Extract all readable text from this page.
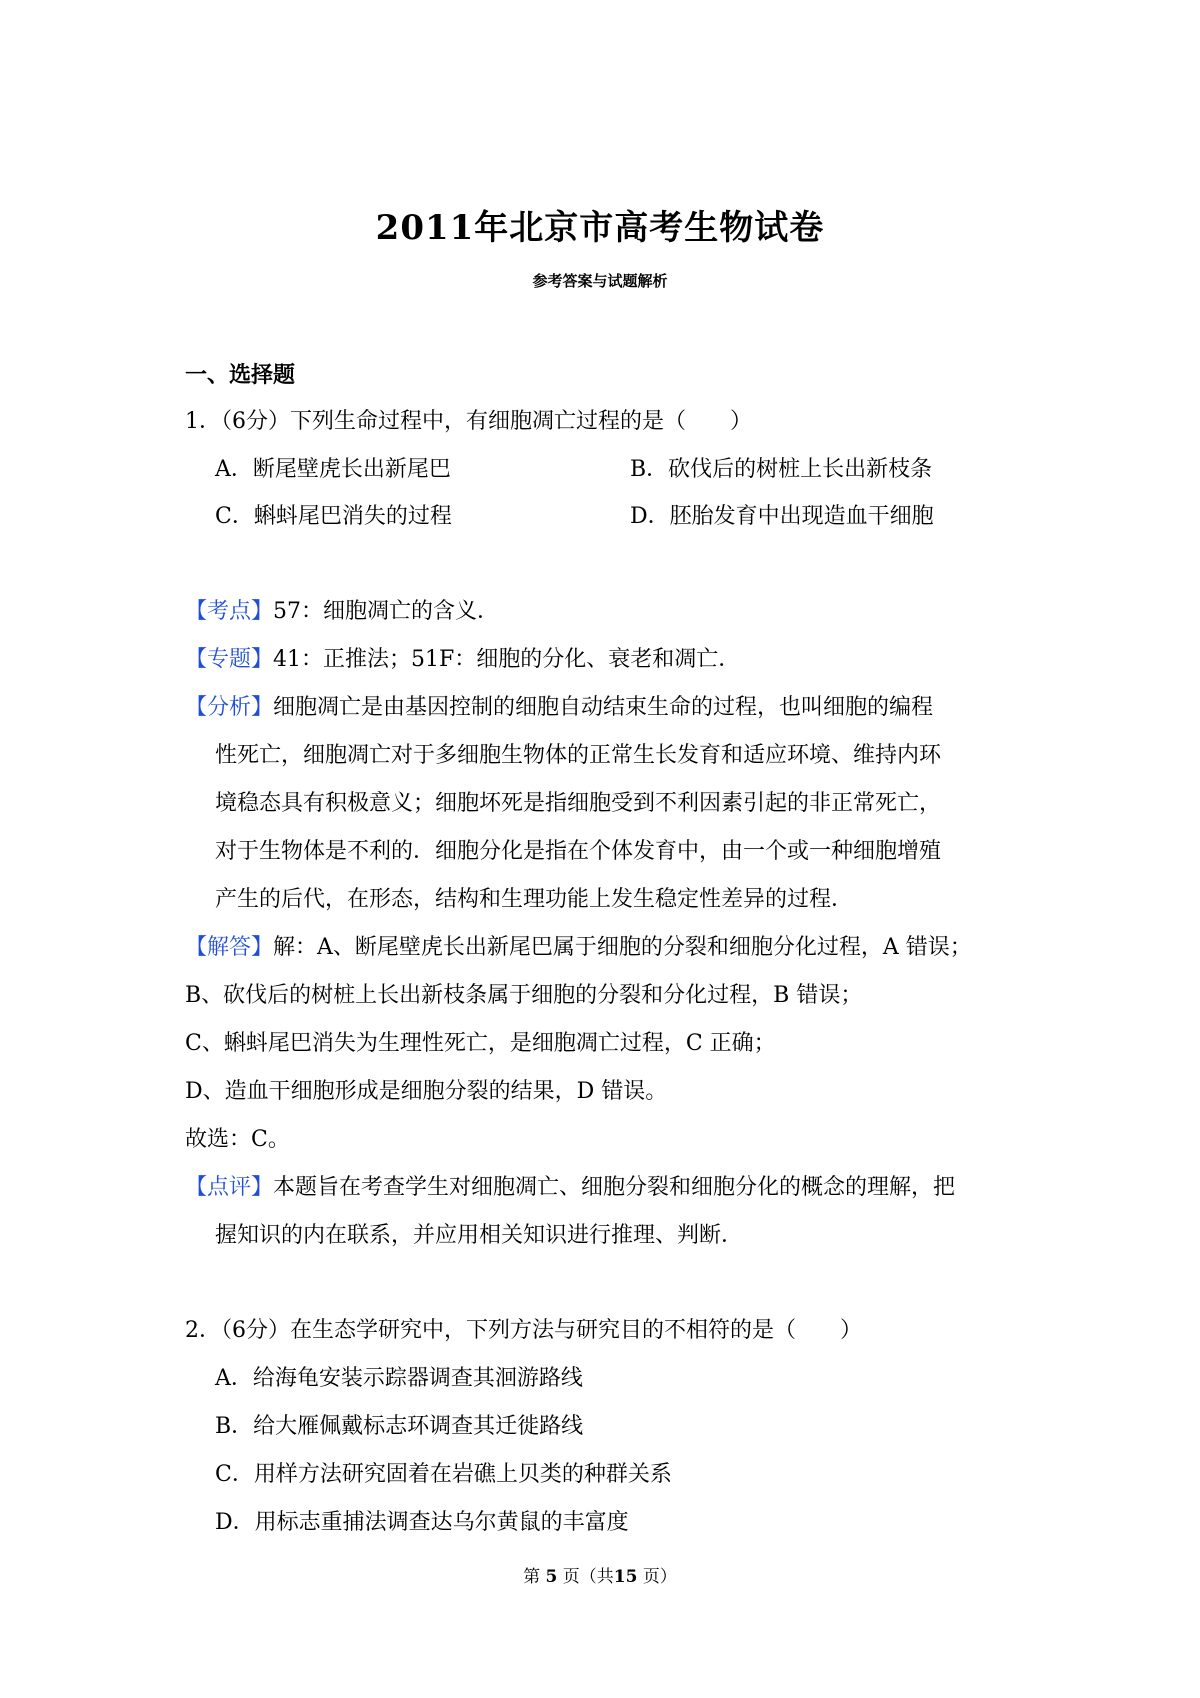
2011年北京市高考生物试卷
参考答案与试题解析
一、选择题
1．（6分）下列生命过程中，有细胞凋亡过程的是（　　）
A．断尾壁虎长出新尾巴	B．砍伐后的树桩上长出新枝条
C．蝌蚪尾巴消失的过程	D．胚胎发育中出现造血干细胞
【考点】57：细胞凋亡的含义．
【专题】41：正推法；51F：细胞的分化、衰老和凋亡．
【分析】细胞凋亡是由基因控制的细胞自动结束生命的过程，也叫细胞的编程
性死亡，细胞凋亡对于多细胞生物体的正常生长发育和适应环境、维持内环
境稳态具有积极意义；细胞坏死是指细胞受到不利因素引起的非正常死亡，
对于生物体是不利的．细胞分化是指在个体发育中，由一个或一种细胞增殖
产生的后代，在形态，结构和生理功能上发生稳定性差异的过程．
【解答】解：A、断尾壁虎长出新尾巴属于细胞的分裂和细胞分化过程，A 错误；
B、砍伐后的树桩上长出新枝条属于细胞的分裂和分化过程，B 错误；
C、蝌蚪尾巴消失为生理性死亡，是细胞凋亡过程，C 正确；
D、造血干细胞形成是细胞分裂的结果，D 错误。
故选：C。
【点评】本题旨在考查学生对细胞凋亡、细胞分裂和细胞分化的概念的理解，把
握知识的内在联系，并应用相关知识进行推理、判断．
2．（6分）在生态学研究中，下列方法与研究目的不相符的是（　　）
A．给海龟安装示踪器调查其洄游路线
B．给大雁佩戴标志环调查其迁徙路线
C．用样方法研究固着在岩礁上贝类的种群关系
D．用标志重捕法调查达乌尔黄鼠的丰富度
第 5 页（共15 页）
